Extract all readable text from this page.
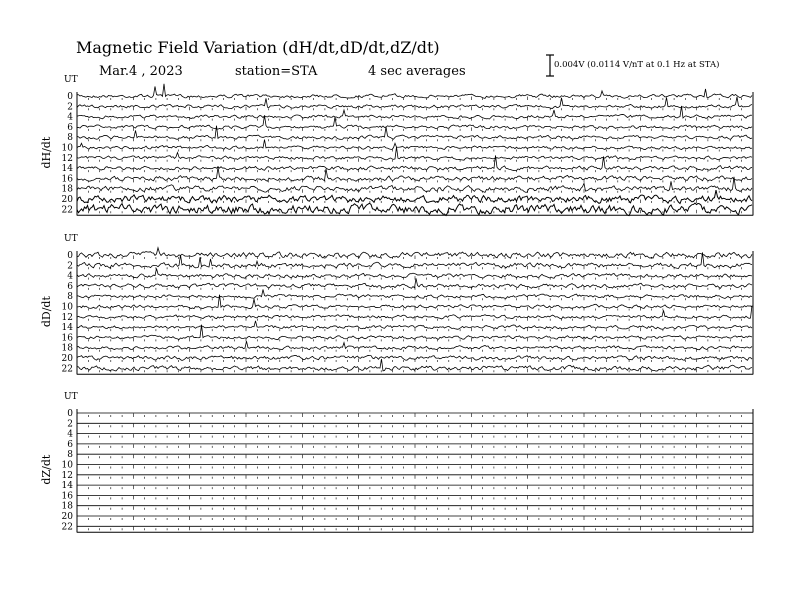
Magnetic Field Variation (dH/dt,dD/dt,dZ/dt)
Mar.4 , 2023	station=STA	4 sec averages	0.004V (0.0114 V/nT at 0.1 Hz at STA)
UT
dH/dt
0
2
4
6
8
10
12
14
16
18
20
22
UT
dD/dt
0
2
4
6
8
10
12
14
16
18
20
22
UT
dZ/dt
0
2
4
6
8
10
12
14
16
18
20
22
